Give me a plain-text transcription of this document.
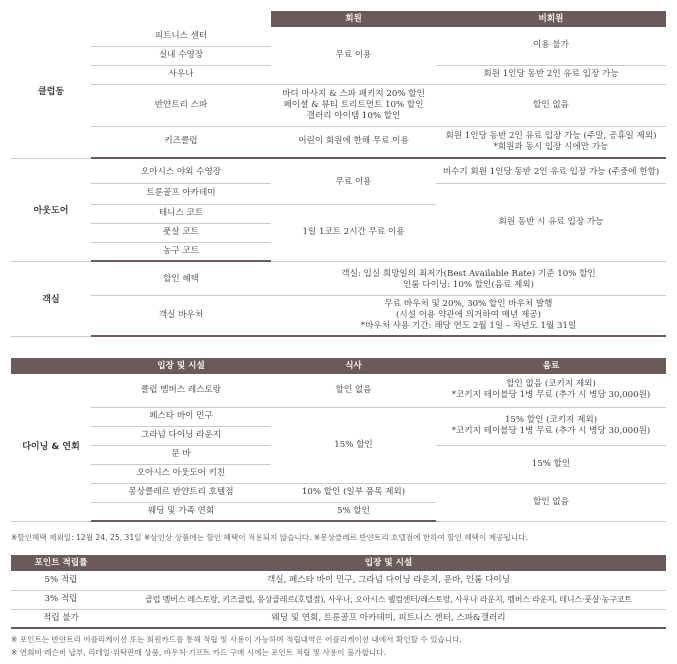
		회원	비회원
클럽동	피트니스 센터	무료 이용	이용 불가
	실내 수영장		
	사우나		회원 1인당 동반 2인 유료 입장 가능
	반얀트리 스파	바디 마사지 & 스파 패키지 20% 할인
페이셜 & 뷰티 트리트먼트 10% 할인
갤러리 아이템 10% 할인	할인 없음
	키즈클럽	어린이 회원에 한해 무료 이용	회원 1인당 동반 2인 유료 입장 가능 (주말, 공휴일 제외)
*회원과 동시 입장 시에만 가능

아웃도어	오아시스 야외 수영장	무료 이용	비수기 회원 1인당 동반 2인 유료 입장 가능 (주중에 한함)
	트룬골프 아카데미		회원 동반 시 유료 입장 가능
	테니스 코트	1일 1코트 2시간 무료 이용	
	풋살 코트		
	농구 코트		

객실	할인 혜택	객실: 입실 희망일의 최저가(Best Available Rate) 기준 10% 할인
인룸 다이닝: 10% 할인(음료 제외)	

	객실 바우처	무료 바우처 및 20%, 30% 할인 바우처 발행
(시설 이용 약관에 의거하여 매년 제공)
*바우처 사용 기간: 해당 연도 2월 1일 – 차년도 1월 31일	
	입장 및 시설	식사	음료
다이닝 & 연회	클럽 멤버스 레스토랑	할인 없음	할인 없음 (코키지 제외)
*코키지 테이블당 1병 무료 (추가 시 병당 30,000원)

	페스타 바이 민구	15% 할인	15% 할인 (코키지 제외)
*코키지 테이블당 1병 무료 (추가 시 병당 30,000원)

	그라넘 다이닝 라운지		
	문 바		15% 할인
	오아시스 아웃도어 키친		
	몽상클레르 반얀트리 호텔점	10% 할인 (일부 품목 제외)	할인 없음
	웨딩 및 가족 연회	5% 할인	
※할인혜택 제외일: 12월 24, 25, 31일 ※삼인상 상품에는 할인 혜택이 적용되지 않습니다. ※몽상클레르 반얀트리 호텔점에 한하여 할인 혜택이 제공됩니다.
포인트 적립률	입장 및 시설
5% 적립	객실, 페스타 바이 민구, 그라넘 다이닝 라운지, 문바, 인룸 다이닝
3% 적립	클럽 멤버스 레스토랑, 키즈클럽, 몽상클레르(호텔점), 사우나, 오아시스 웰컴센터/레스토랑, 사우나 라운지, 멤버스 라운지, 테니스·풋살·농구코트
적립 불가	웨딩 및 연회, 트룬골프 아카데미, 피트니스 센터, 스파&갤러리
※ 포인트는 반얀트리 어플리케이션 또는 회원카드를 통해 적립 및 사용이 가능하며 적립내역은 어플리케이션 내에서 확인할 수 있습니다.
※ 연회비·레슨비 납부, 리테일·위탁판매 상품, 바우처·기프트 카드 구매 시에는 포인트 적립 및 사용이 불가합니다.
